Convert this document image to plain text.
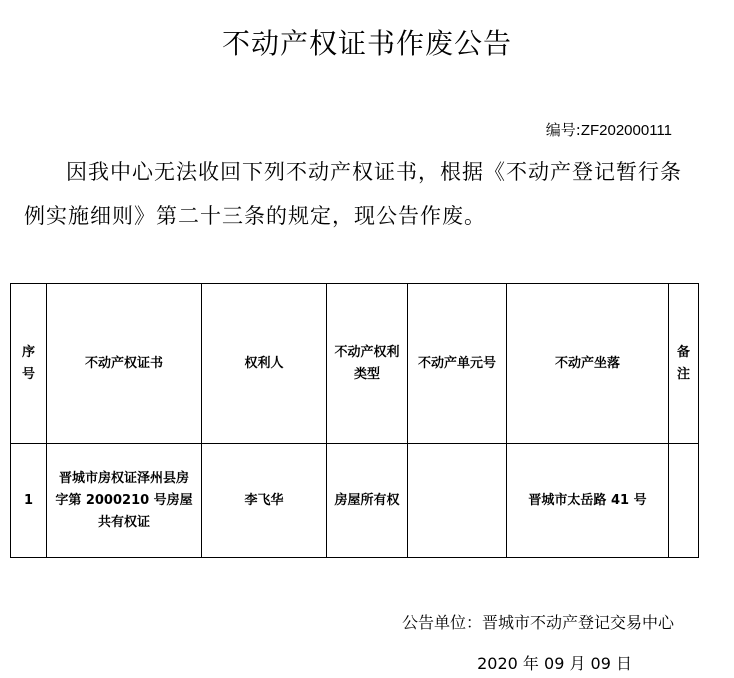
不动产权证书作废公告
编号:ZF202000111
因我中心无法收回下列不动产权证书，根据《不动产登记暂行条例实施细则》第二十三条的规定，现公告作废。
序号	不动产权证书	权利人	不动产权利类型	不动产单元号	不动产坐落	备注
1	晋城市房权证泽州县房字第 2000210 号房屋共有权证	李飞华	房屋所有权		晋城市太岳路 41 号	
公告单位：晋城市不动产登记交易中心
2020 年 09 月 09 日
